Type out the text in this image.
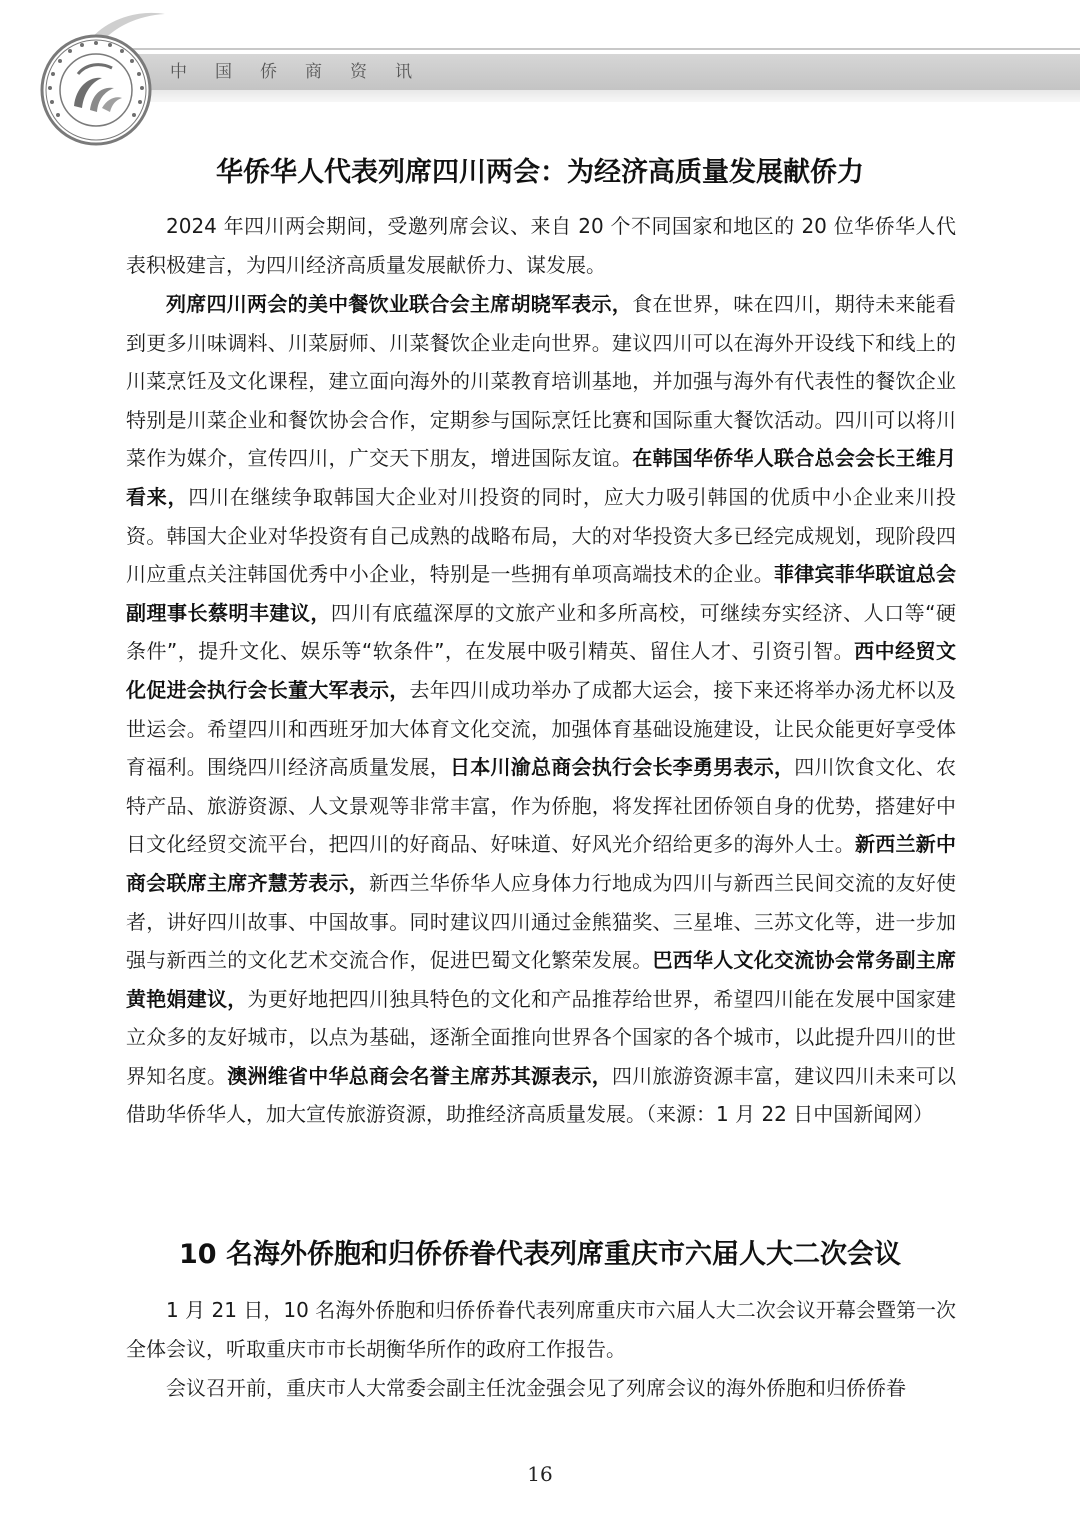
中国侨商资讯
华侨华人代表列席四川两会：为经济高质量发展献侨力

2024 年四川两会期间，受邀列席会议、来自 20 个不同国家和地区的 20 位华侨华人代表积极建言，为四川经济高质量发展献侨力、谋发展。

列席四川两会的美中餐饮业联合会主席胡晓军表示，食在世界，味在四川，期待未来能看到更多川味调料、川菜厨师、川菜餐饮企业走向世界。建议四川可以在海外开设线下和线上的川菜烹饪及文化课程，建立面向海外的川菜教育培训基地，并加强与海外有代表性的餐饮企业特别是川菜企业和餐饮协会合作，定期参与国际烹饪比赛和国际重大餐饮活动。四川可以将川菜作为媒介，宣传四川，广交天下朋友，增进国际友谊。在韩国华侨华人联合总会会长王维月看来，四川在继续争取韩国大企业对川投资的同时，应大力吸引韩国的优质中小企业来川投资。韩国大企业对华投资有自己成熟的战略布局，大的对华投资大多已经完成规划，现阶段四川应重点关注韩国优秀中小企业，特别是一些拥有单项高端技术的企业。菲律宾菲华联谊总会副理事长蔡明丰建议，四川有底蕴深厚的文旅产业和多所高校，可继续夯实经济、人口等“硬条件”，提升文化、娱乐等“软条件”，在发展中吸引精英、留住人才、引资引智。西中经贸文化促进会执行会长董大军表示，去年四川成功举办了成都大运会，接下来还将举办汤尤杯以及世运会。希望四川和西班牙加大体育文化交流，加强体育基础设施建设，让民众能更好享受体育福利。围绕四川经济高质量发展，日本川渝总商会执行会长李勇男表示，四川饮食文化、农特产品、旅游资源、人文景观等非常丰富，作为侨胞，将发挥社团侨领自身的优势，搭建好中日文化经贸交流平台，把四川的好商品、好味道、好风光介绍给更多的海外人士。新西兰新中商会联席主席齐慧芳表示，新西兰华侨华人应身体力行地成为四川与新西兰民间交流的友好使者，讲好四川故事、中国故事。同时建议四川通过金熊猫奖、三星堆、三苏文化等，进一步加强与新西兰的文化艺术交流合作，促进巴蜀文化繁荣发展。巴西华人文化交流协会常务副主席黄艳娟建议，为更好地把四川独具特色的文化和产品推荐给世界，希望四川能在发展中国家建立众多的友好城市，以点为基础，逐渐全面推向世界各个国家的各个城市，以此提升四川的世界知名度。澳洲维省中华总商会名誉主席苏其源表示，四川旅游资源丰富，建议四川未来可以借助华侨华人，加大宣传旅游资源，助推经济高质量发展。（来源：1 月 22 日中国新闻网）

10 名海外侨胞和归侨侨眷代表列席重庆市六届人大二次会议

1 月 21 日，10 名海外侨胞和归侨侨眷代表列席重庆市六届人大二次会议开幕会暨第一次全体会议，听取重庆市市长胡衡华所作的政府工作报告。

会议召开前，重庆市人大常委会副主任沈金强会见了列席会议的海外侨胞和归侨侨眷

16
